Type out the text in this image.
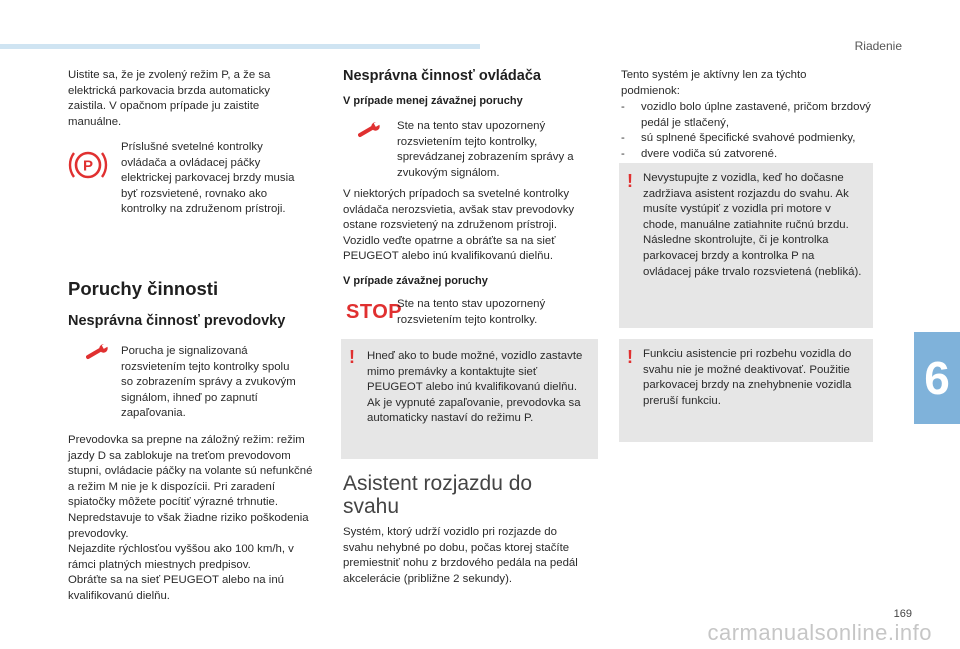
Riadenie
6

Uistite sa, že je zvolený režim P, a že sa elektrická parkovacia brzda automaticky zaistila. V opačnom prípade ju zaistite manuálne.

P

Príslušné svetelné kontrolky ovládača a ovládacej páčky elektrickej parkovacej brzdy musia byť rozsvietené, rovnako ako kontrolky na združenom prístroji.

Poruchy činnosti
Nesprávna činnosť prevodovky

Porucha je signalizovaná rozsvietením tejto kontrolky spolu so zobrazením správy a zvukovým signálom, ihneď po zapnutí zapaľovania.

Prevodovka sa prepne na záložný režim: režim jazdy D sa zablokuje na treťom prevodovom stupni, ovládacie páčky na volante sú nefunkčné a režim M nie je k dispozícii. Pri zaradení spiatočky môžete pocítiť výrazné trhnutie. Nepredstavuje to však žiadne riziko poškodenia prevodovky.
Nejazdite rýchlosťou vyššou ako 100 km/h, v rámci platných miestnych predpisov.
Obráťte sa na sieť PEUGEOT alebo na inú kvalifikovanú dielňu.

Nesprávna činnosť ovládača

V prípade menej závažnej poruchy

Ste na tento stav upozornený rozsvietením tejto kontrolky, sprevádzanej zobrazením správy a zvukovým signálom.

V niektorých prípadoch sa svetelné kontrolky ovládača nerozsvietia, avšak stav prevodovky ostane rozsvietený na združenom prístroji. Vozidlo veďte opatrne a obráťte sa na sieť PEUGEOT alebo inú kvalifikovanú dielňu.

V prípade závažnej poruchy

STOP

Ste na tento stav upozornený rozsvietením tejto kontrolky.

! Hneď ako to bude možné, vozidlo zastavte mimo premávky a kontaktujte sieť PEUGEOT alebo inú kvalifikovanú dielňu. Ak je vypnuté zapaľovanie, prevodovka sa automaticky nastaví do režimu P.

Asistent rozjazdu do svahu

Systém, ktorý udrží vozidlo pri rozjazde do svahu nehybné po dobu, počas ktorej stačíte premiestniť nohu z brzdového pedála na pedál akcelerácie (približne 2 sekundy).

Tento systém je aktívny len za týchto podmienok:

- vozidlo bolo úplne zastavené, pričom brzdový pedál je stlačený,
- sú splnené špecifické svahové podmienky,
- dvere vodiča sú zatvorené.
! Nevystupujte z vozidla, keď ho dočasne zadržiava asistent rozjazdu do svahu. Ak musíte vystúpiť z vozidla pri motore v chode, manuálne zatiahnite ručnú brzdu. Následne skontrolujte, či je kontrolka parkovacej brzdy a kontrolka P na ovládacej páke trvalo rozsvietená (nebliká).

! Funkciu asistencie pri rozbehu vozidla do svahu nie je možné deaktivovať. Použitie parkovacej brzdy na znehybnenie vozidla preruší funkciu.

169
carmanualsonline.info
